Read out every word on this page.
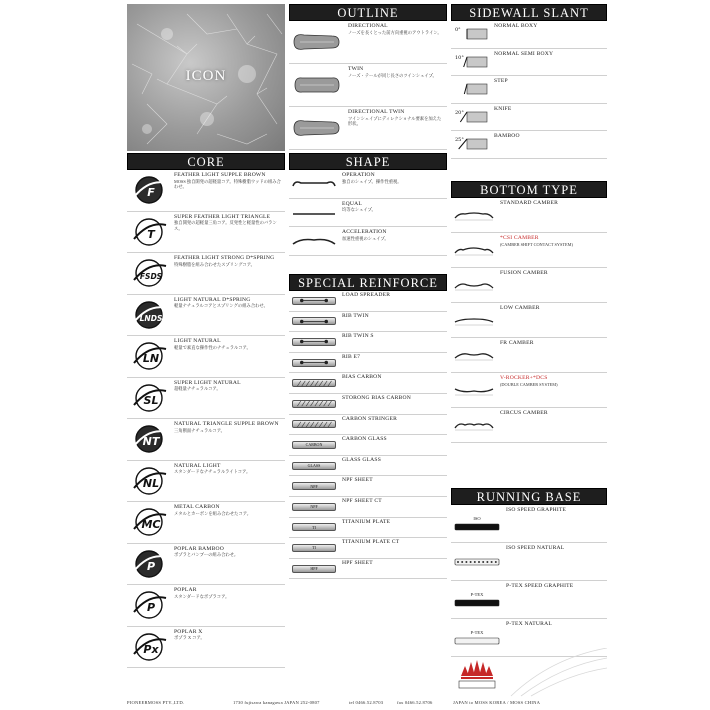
ICON
CORE
F
FEATHER LIGHT SUPPLE BROWN
MOSS 独自開発の超軽量コア。特殊樹脂ウッドの組み合わせ。
T
SUPER FEATHER LIGHT TRIANGLE
独自開発の超軽量三角コア。反発性と軽量性のバランス。
FSDS
FEATHER LIGHT STRONG D*SPRING
特殊樹脂を組み合わせたスプリングコア。
LNDS
LIGHT NATURAL D*SPRING
軽量ナチュラルコアとスプリングの組み合わせ。
LN
LIGHT NATURAL
軽量で素直な操作性のナチュラルコア。
SL
SUPER LIGHT NATURAL
超軽量ナチュラルコア。
NT
NATURAL TRIANGLE SUPPLE BROWN
三角断面ナチュラルコア。
NL
NATURAL LIGHT
スタンダードなナチュラルライトコア。
MC
METAL CARBON
メタルとカーボンを組み合わせたコア。
P
POPLAR BAMBOO
ポプラとバンブーの組み合わせ。
P
POPLAR
スタンダードなポプラコア。
Px
POPLAR X
ポプラ X コア。
OUTLINE
DIRECTIONAL
ノーズを長くとった前方向重視のアウトライン。
TWIN
ノーズ・テールが同じ長さのツインシェイプ。
DIRECTIONAL TWIN
ツインシェイプにディレクショナル要素を加えた形状。
SHAPE
OPERATION
独自のシェイプ。操作性重視。
EQUAL
均等なシェイプ。
ACCELERATION
加速性重視のシェイプ。
SPECIAL REINFORCE
LOAD SPREADER
RIB TWIN
RIB TWIN S
RIB E7
BIAS CARBON
STORONG BIAS CARBON
CARBON STRINGER
CARBON
CARBON GLASS
GLASS
GLASS GLASS
NPF
NPF SHEET
NPF
NPF SHEET CT
TI
TITANIUM PLATE
TI
TITANIUM PLATE CT
HPF
HPF SHEET
SIDEWALL SLANT
0°
NORMAL BOXY
10°
NORMAL SEMI BOXY
STEP
20°
KNIFE
25°
BAMBOO
BOTTOM TYPE
STANDARD CAMBER
*CSI CAMBER
(CAMBER SHIFT CONTACT SYSTEM)
FUSION CAMBER
LOW CAMBER
FR CAMBER
V-ROCKER+*DCS
(DOUBLE CAMBER SYSTEM)
CIRCUS CAMBER
RUNNING BASE
ISO
ISO SPEED GRAPHITE
ISO SPEED NATURAL
P-TEX
P-TEX SPEED GRAPHITE
P-TEX
P-TEX NATURAL
PIONEERMOSS PTY.,LTD.	1730 fujisawa kanagawa JAPAN 252-0807	tel 0466.52.8703	fax 0466.52.8706	JAPAN to MOSS KOREA / MOSS CHINA
